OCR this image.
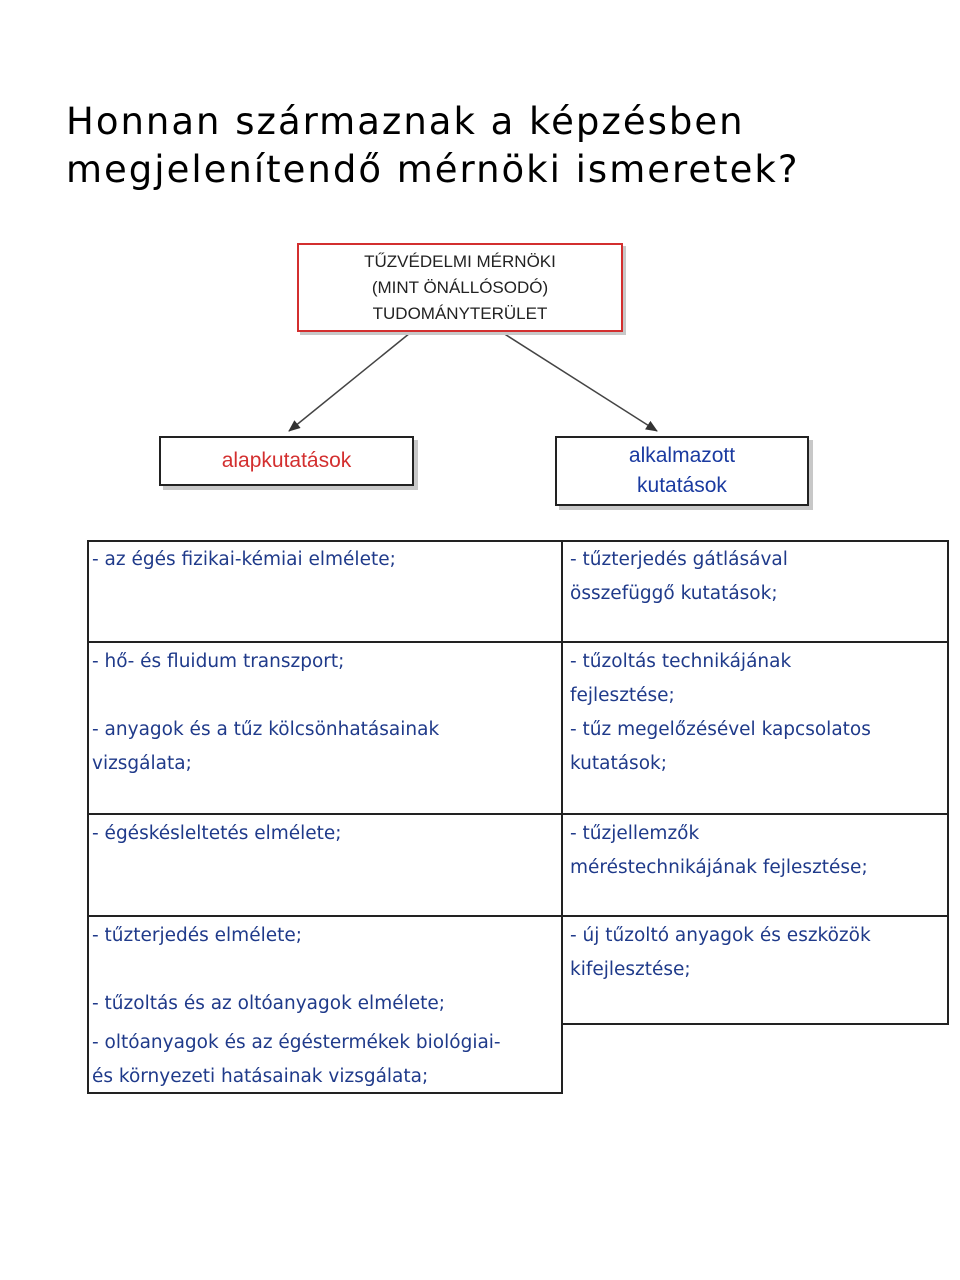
Honnan származnak a képzésben
megjelenítendő mérnöki ismeretek?
TŰZVÉDELMI MÉRNÖKI
(MINT ÖNÁLLÓSODÓ)
TUDOMÁNYTERÜLET
alapkutatások	alkalmazott
kutatások
- az égés fizikai-kémiai elmélete;
- hő- és fluidum transzport;
- anyagok és a tűz kölcsönhatásainak
vizsgálata;
- égéskésleltetés elmélete;
- tűzterjedés elmélete;
- tűzoltás és az oltóanyagok elmélete;
- oltóanyagok és az égéstermékek biológiai-
és környezeti hatásainak vizsgálata;
- tűzterjedés gátlásával
összefüggő kutatások;
- tűzoltás technikájának
fejlesztése;
- tűz megelőzésével kapcsolatos
kutatások;
- tűzjellemzők
méréstechnikájának fejlesztése;
- új tűzoltó anyagok és eszközök
kifejlesztése;
